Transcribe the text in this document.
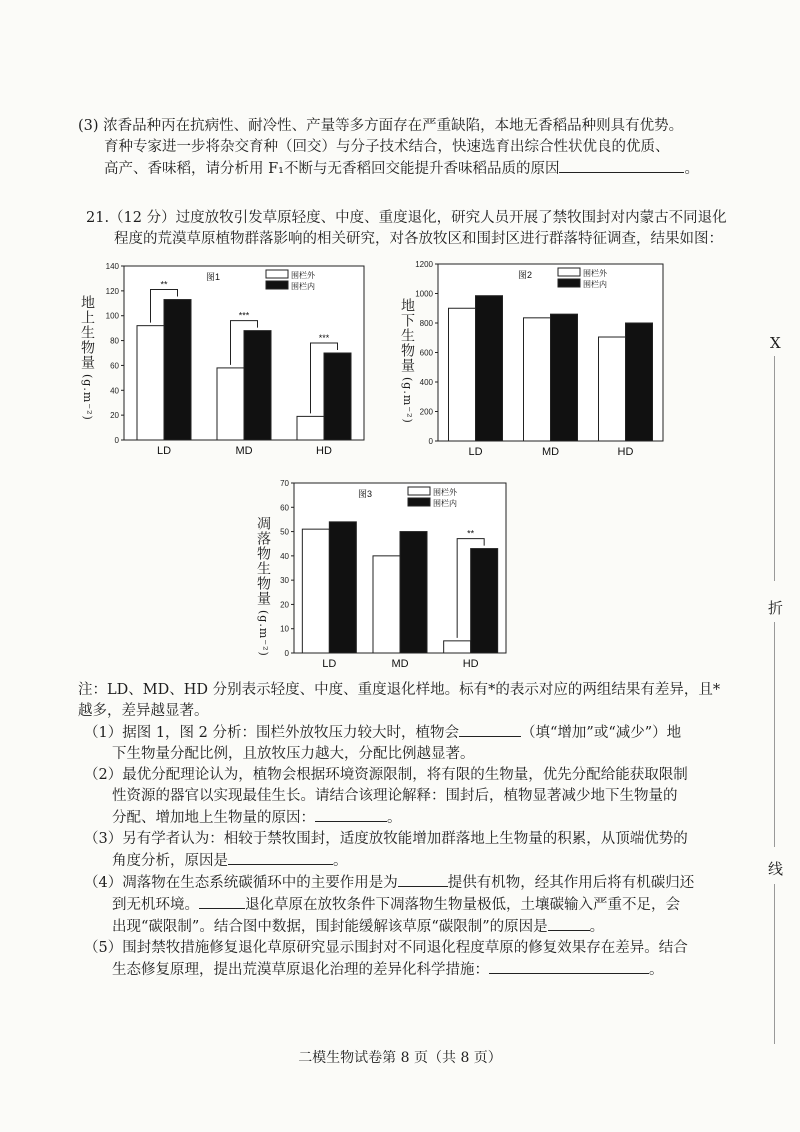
(3) 浓香品种丙在抗病性、耐冷性、产量等多方面存在严重缺陷，本地无香稻品种则具有优势。
育种专家进一步将杂交育种（回交）与分子技术结合，快速选育出综合性状优良的优质、
高产、香味稻，请分析用 F₁不断与无香稻回交能提升香味稻品质的原因	。
21.（12 分）过度放牧引发草原轻度、中度、重度退化，研究人员开展了禁牧围封对内蒙古不同退化
程度的荒漠草原植物群落影响的相关研究，对各放牧区和围封区进行群落特征调查，结果如图：
地上生物量(g.m⁻²)
0
20
40
60
80
100
120
140
LD
**
MD
***
HD
***
图1	围栏外
围栏内
地下生物量(g.m⁻²)
0
200
400
600
800
1000
1200
LD	MD	HD
图2	围栏外
围栏内
凋落物生物量(g.m⁻²) 0
10
20
30
40
50
60
70
LD	MD	HD
**
图3	围栏外
围栏内
注：LD、MD、HD 分别表示轻度、中度、重度退化样地。标有*的表示对应的两组结果有差异，且*
越多，差异越显著。
（1）据图 1，图 2 分析：围栏外放牧压力较大时，植物会	（填“增加”或“减少”）地
下生物量分配比例，且放牧压力越大，分配比例越显著。
（2）最优分配理论认为，植物会根据环境资源限制，将有限的生物量，优先分配给能获取限制
性资源的器官以实现最佳生长。请结合该理论解释：围封后，植物显著减少地下生物量的
分配、增加地上生物量的原因：	。
（3）另有学者认为：相较于禁牧围封，适度放牧能增加群落地上生物量的积累，从顶端优势的
角度分析，原因是	。
（4）凋落物在生态系统碳循环中的主要作用是为	提供有机物，经其作用后将有机碳归还
到无机环境。	退化草原在放牧条件下凋落物生物量极低，土壤碳输入严重不足，会
出现“碳限制”。结合图中数据，围封能缓解该草原“碳限制”的原因是	。
（5）围封禁牧措施修复退化草原研究显示围封对不同退化程度草原的修复效果存在差异。结合
生态修复原理，提出荒漠草原退化治理的差异化科学措施：	。
X
折
线
二模生物试卷第 8 页（共 8 页）
